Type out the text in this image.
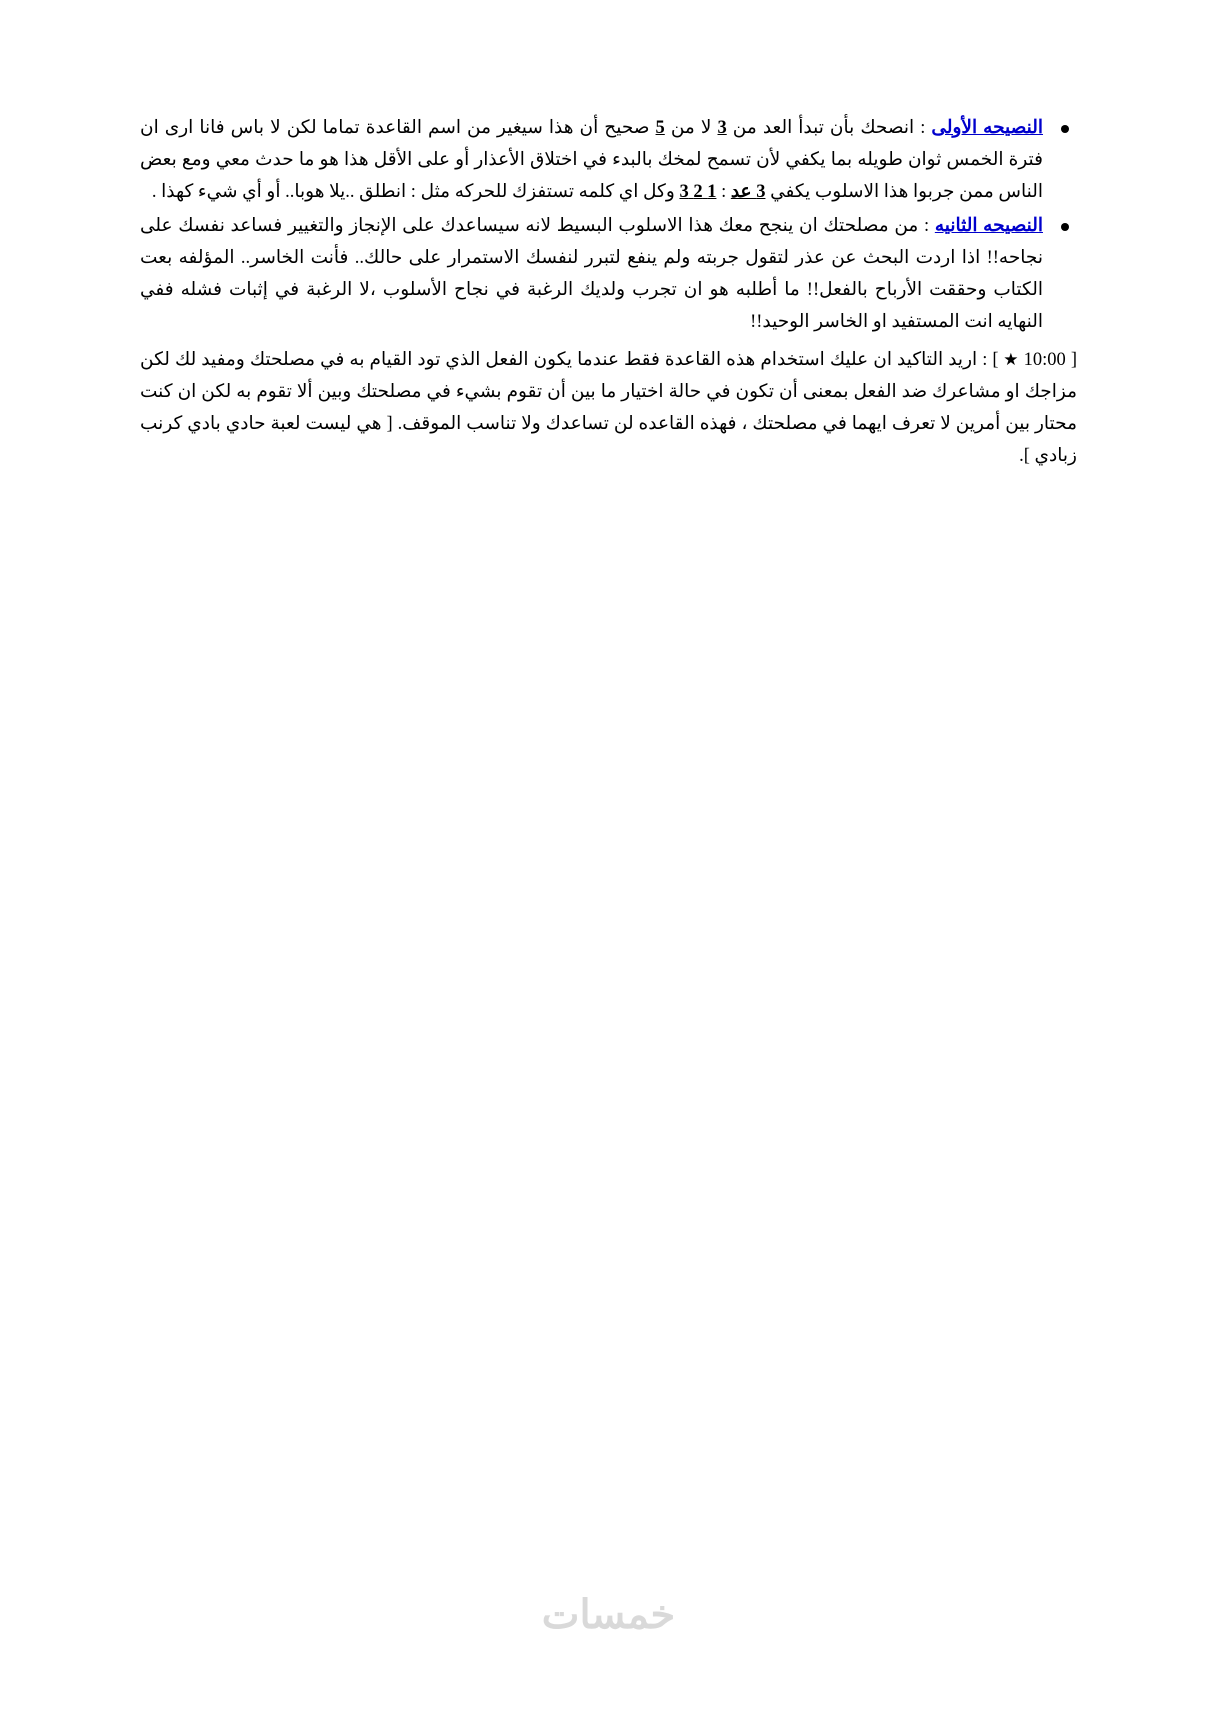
النصيحه الأولى : انصحك بأن تبدأ العد من 3 لا من 5 صحيح أن هذا سيغير من اسم القاعدة تماما لكن لا باس فانا ارى ان فترة الخمس ثوان طويله بما يكفي لأن تسمح لمخك بالبدء في اختلاق الأعذار أو على الأقل هذا هو ما حدث معي ومع بعض الناس ممن جربوا هذا الاسلوب يكفي 3 عد : 1 2 3 وكل اي كلمه تستفزك للحركه مثل : انطلق ..يلا هوبا.. أو أي شيء كهذا .
النصيحه الثانيه : من مصلحتك ان ينجح معك هذا الاسلوب البسيط لانه سيساعدك على الإنجاز والتغيير فساعد نفسك على نجاحه!! اذا اردت البحث عن عذر لتقول جربته ولم ينفع لتبرر لنفسك الاستمرار على حالك.. فأنت الخاسر.. المؤلفه بعت الكتاب وحققت الأرباح بالفعل!! ما أطلبه هو ان تجرب ولديك الرغبة في نجاح الأسلوب ،لا الرغبة في إثبات فشله ففي النهايه انت المستفيد او الخاسر الوحيد!!
[ 10:00 ★ ] : اريد التاكيد ان عليك استخدام هذه القاعدة فقط عندما يكون الفعل الذي تود القيام به في مصلحتك ومفيد لك لكن مزاجك او مشاعرك ضد الفعل بمعنى أن تكون في حالة اختيار ما بين أن تقوم بشيء في مصلحتك وبين ألا تقوم به لكن ان كنت محتار بين أمرين لا تعرف ايهما في مصلحتك ، فهذه القاعده لن تساعدك ولا تناسب الموقف. [ هي ليست لعبة حادي بادي كرنب زبادي ].
خمسات
